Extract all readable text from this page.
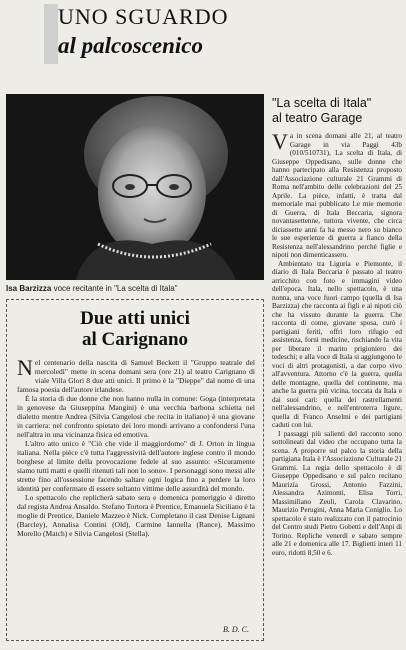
UNO SGUARDO
al palcoscenico
Isa Barzizza voce recitante in "La scelta di Itala"
"La scelta di Itala"
al teatro Garage

Va in scena domani alle 21, al teatro Garage in via Paggi 43b (010/510731), La scelta di Itala, di Giuseppe Oppedisano, sulle donne che hanno partecipato alla Resistenza proposto dall'Associazione culturale 21 Grammi di Roma nell'ambito delle celebrazioni del 25 Aprile. La pièce, infatti, è tratta dal memoriale mai pubblicato Le mie memorie di Guerra, di Itala Beccaria, signora novantasettenne, tuttora vivente, che circa diciassette anni fa ha messo nero su bianco le sue esperienze di guerra a fianco della Resistenza nell'alessandrino perché figlie e nipoti non dimenticassero.

Ambientato tra Liguria e Piemonte, il diario di Itala Beccaria è passato al teatro arricchito con foto e immagini video dell'epoca. Itala, nello spettacolo, è una nonna, una voce fuori campo (quella di Isa Barzizza) che racconta ai figli e ai nipoti ciò che ha vissuto durante la guerra. Che racconta di come, giovane sposa, curò i partigiani feriti, offrì loro rifugio ed assistenza, fornì medicine, rischiando la vita per liberare il marito prigioniero dei tedeschi; e alla voce di Itala si aggiungono le voci di altri protagonisti, a dar corpo vivo all'avventura. Attorno c'è la guerra, quella delle montagne, quella del continente, ma anche la guerra più vicina, toccata da Itala e dai suoi cari: quella dei rastrellamenti nell'alessandrino, e nell'entroterra ligure, quella di Franco Anselmi e dei partigiani caduti con lui.

I passaggi più salienti del racconto sono sottolineati dal video che occupano tutta la scena. A proporre sul palco la storia della partigiana Itala è l'Associazione Culturale 21 Grammi. La regia dello spettacolo è di Giuseppe Oppedisano e sul palco recitano Maurizia Grossi, Antonio Fazzini, Alessandra Azimonti, Elisa Torri, Massimiliano Zeuli, Carola Clavarino, Maurizio Perugini, Anna Maria Coniglio. Lo spettacolo è stato realizzato con il patrocinio del Centro studi Pietro Gobetti e dell'Anpi di Torino. Repliche venerdì e sabato sempre alle 21 e domenica alle 17. Biglietti interi 11 euro, ridotti 8,50 e 6.

Due atti unici
al Carignano

Nel centenario della nascita di Samuel Beckett il "Gruppo teatrale del mercoledì" mette in scena domani sera (ore 21) al teatro Carignano di viale Villa Glori 8 due atti unici. Il primo è la "Dieppe" dal nome di una famosa poesia dell'autore irlandese.

È la storia di due donne che non hanno nulla in comune: Goga (interpretata in genovese da Giuseppina Mangini) è una vecchia barbona schietta nel dialetto mentre Andrea (Silvia Cangelosi che recita in italiano) è una giovane in carriera: nel confronto spietato dei loro mondi arrivano a confondersi l'una nell'altra in una vicinanza fisica ed emotiva.

L'altro atto unico è "Ciò che vide il maggiordomo" di J. Orton in lingua italiana. Nella pièce c'è tutta l'aggressività dell'autore inglese contro il mondo borghese al limite della provocazione fedele al suo assunto: «Sicuramente siamo tutti matti e quelli ritenuti tali non lo sono». I personaggi sono messi alle strette fino all'ossessione facendo saltare ogni logica fino a perdere la loro identità per confermare di essere soltanto vittime delle assurdità del mondo.

Lo spettacolo che replicherà sabato sera e domenica pomeriggio è diretto dal regista Andrea Ansaldo. Stefano Tortora è Prentice, Emanuela Siciliano è la moglie di Prentice, Daniele Mazzeo è Nick. Completano il cast Denise Lignani (Barcley), Annalisa Contini (Old), Carmine Iannella (Rance), Massimo Morello (Match) e Silvia Cangelosi (Stella).

B. D. C.
